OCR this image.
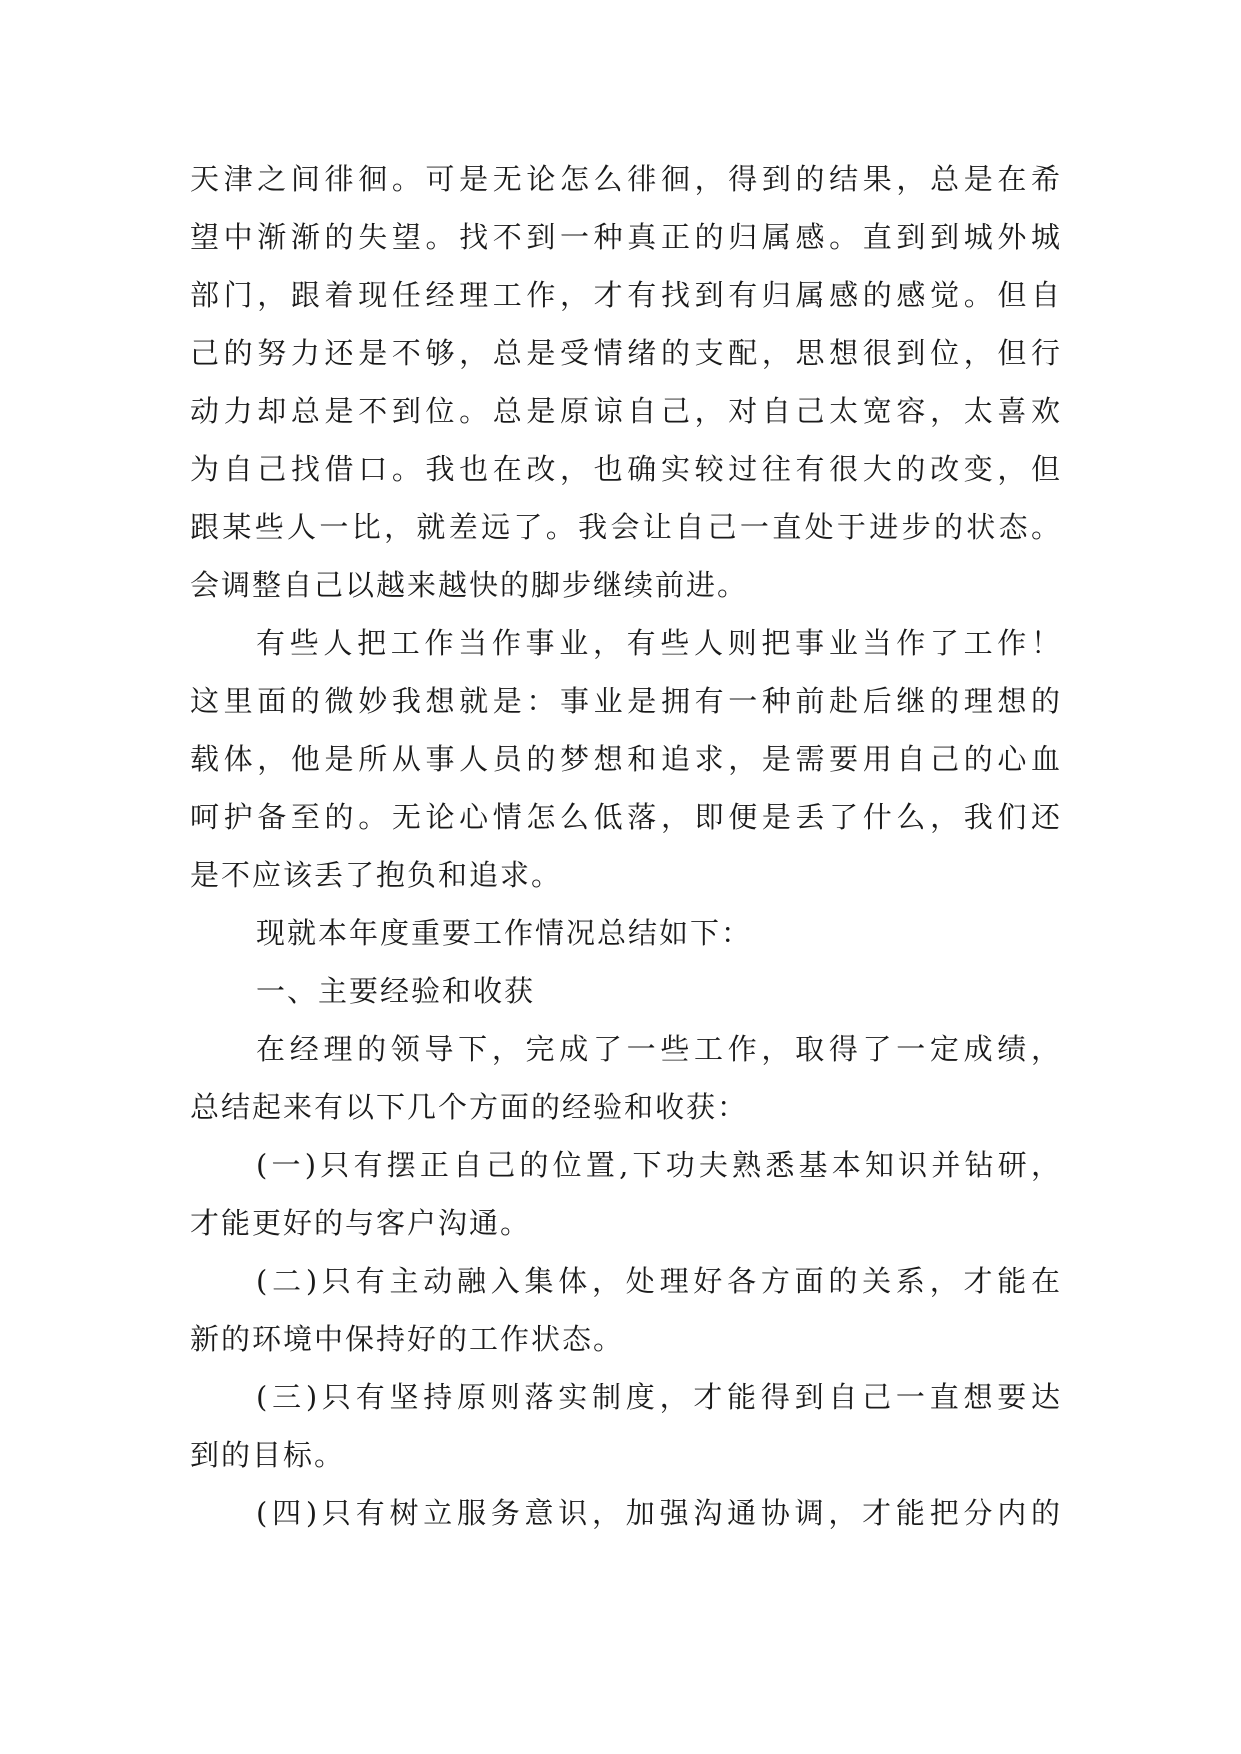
天津之间徘徊。可是无论怎么徘徊，得到的结果，总是在希
望中渐渐的失望。找不到一种真正的归属感。直到到城外城
部门，跟着现任经理工作，才有找到有归属感的感觉。但自
己的努力还是不够，总是受情绪的支配，思想很到位，但行
动力却总是不到位。总是原谅自己，对自己太宽容，太喜欢
为自己找借口。我也在改，也确实较过往有很大的改变，但
跟某些人一比，就差远了。我会让自己一直处于进步的状态。
会调整自己以越来越快的脚步继续前进。
有些人把工作当作事业，有些人则把事业当作了工作！
这里面的微妙我想就是：事业是拥有一种前赴后继的理想的
载体，他是所从事人员的梦想和追求，是需要用自己的心血
呵护备至的。无论心情怎么低落，即便是丢了什么，我们还
是不应该丢了抱负和追求。
现就本年度重要工作情况总结如下：
一、主要经验和收获
在经理的领导下，完成了一些工作，取得了一定成绩，
总结起来有以下几个方面的经验和收获：
(一)只有摆正自己的位置,下功夫熟悉基本知识并钻研，
才能更好的与客户沟通。
(二)只有主动融入集体，处理好各方面的关系，才能在
新的环境中保持好的工作状态。
(三)只有坚持原则落实制度，才能得到自己一直想要达
到的目标。
(四)只有树立服务意识，加强沟通协调，才能把分内的
